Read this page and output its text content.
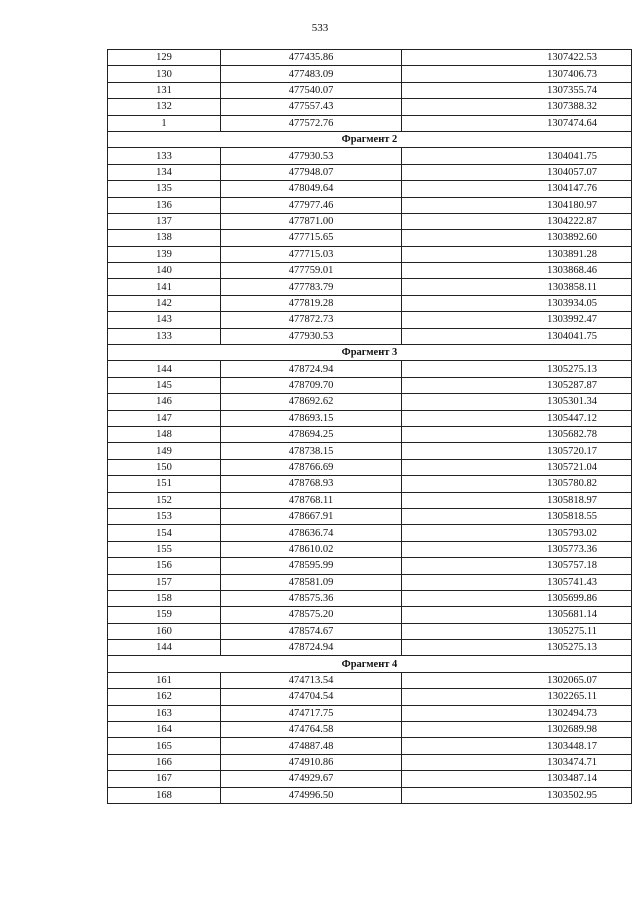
533
129	477435.86	1307422.53
130	477483.09	1307406.73
131	477540.07	1307355.74
132	477557.43	1307388.32
1	477572.76	1307474.64
Фрагмент 2		
133	477930.53	1304041.75
134	477948.07	1304057.07
135	478049.64	1304147.76
136	477977.46	1304180.97
137	477871.00	1304222.87
138	477715.65	1303892.60
139	477715.03	1303891.28
140	477759.01	1303868.46
141	477783.79	1303858.11
142	477819.28	1303934.05
143	477872.73	1303992.47
133	477930.53	1304041.75
Фрагмент 3		
144	478724.94	1305275.13
145	478709.70	1305287.87
146	478692.62	1305301.34
147	478693.15	1305447.12
148	478694.25	1305682.78
149	478738.15	1305720.17
150	478766.69	1305721.04
151	478768.93	1305780.82
152	478768.11	1305818.97
153	478667.91	1305818.55
154	478636.74	1305793.02
155	478610.02	1305773.36
156	478595.99	1305757.18
157	478581.09	1305741.43
158	478575.36	1305699.86
159	478575.20	1305681.14
160	478574.67	1305275.11
144	478724.94	1305275.13
Фрагмент 4		
161	474713.54	1302065.07
162	474704.54	1302265.11
163	474717.75	1302494.73
164	474764.58	1302689.98
165	474887.48	1303448.17
166	474910.86	1303474.71
167	474929.67	1303487.14
168	474996.50	1303502.95
